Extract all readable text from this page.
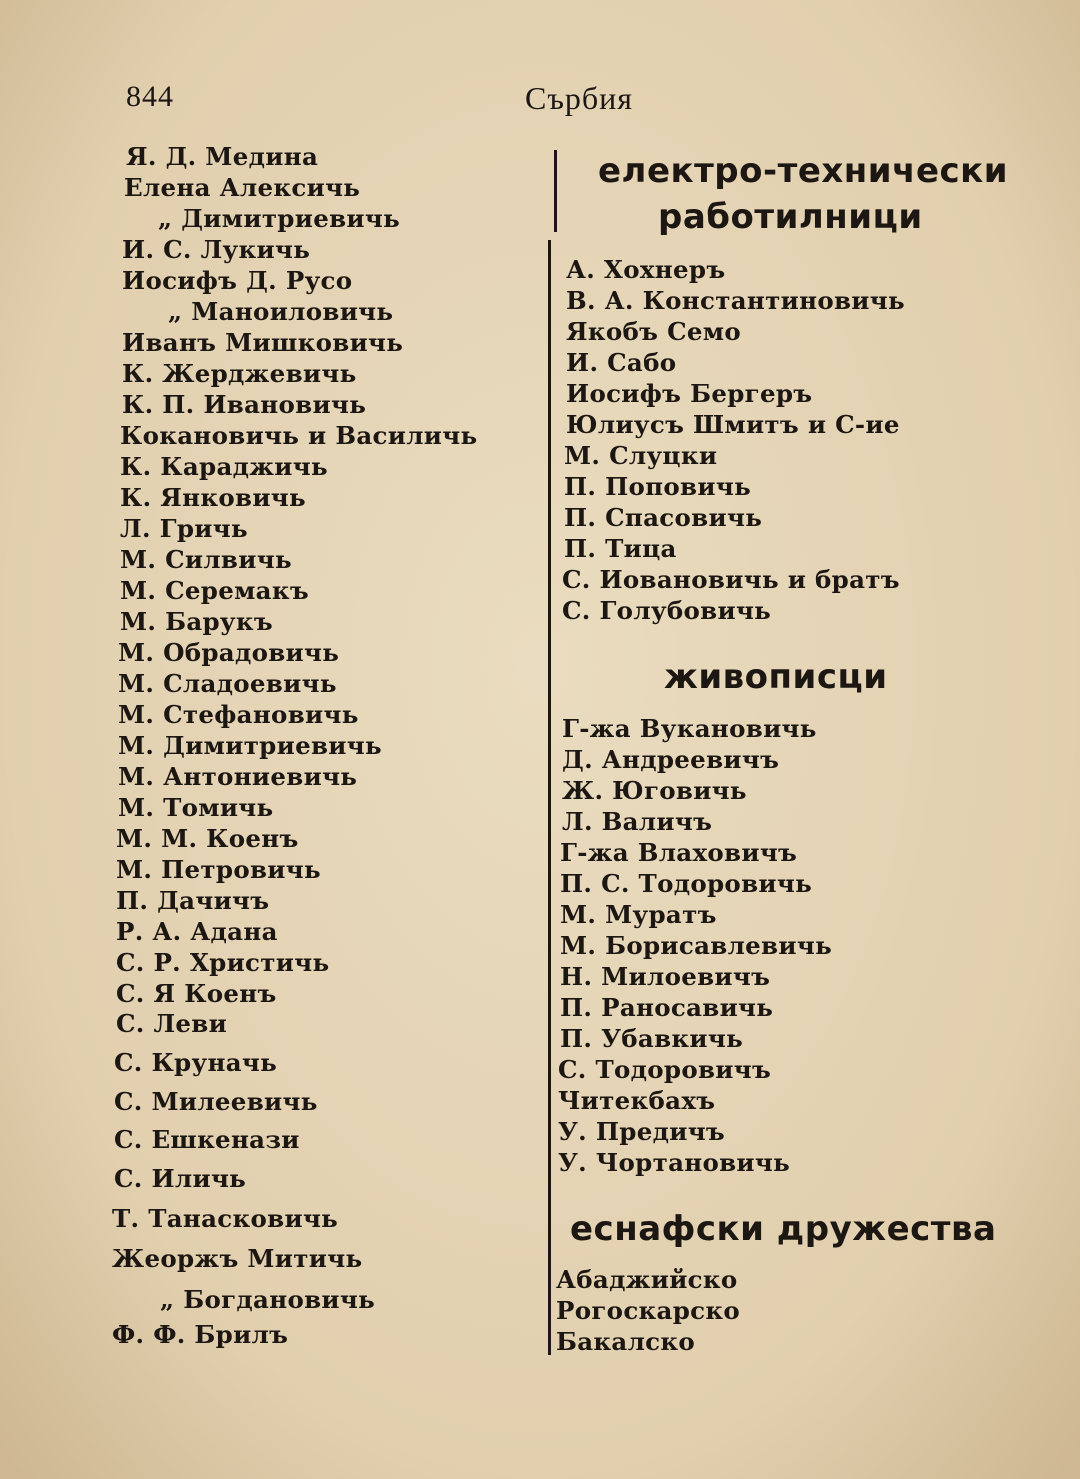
844	Сърбия
Я. Д. Медина
Елена Алексичь
„ Димитриевичь
И. С. Лукичь
Иосифъ Д. Русо
„ Маноиловичь
Иванъ Мишковичь
К. Жерджевичь
К. П. Ивановичь
Кокановичь и Василичь
К. Караджичь
К. Янковичь
Л. Гричь
М. Силвичь
М. Серемакъ
М. Барукъ
М. Обрадовичь
М. Сладоевичь
М. Стефановичь
М. Димитриевичь
М. Антониевичь
М. Томичь
М. М. Коенъ
М. Петровичь
П. Дачичъ
Р. А. Адана
С. Р. Христичь
С. Я Коенъ
С. Леви
С. Круначь
С. Милеевичь
С. Ешкенази
С. Иличь
Т. Танасковичь
Жеоржъ Митичь
„ Богдановичь
Ф. Ф. Брилъ
електро-технически
работилници
А. Хохнеръ
В. А. Константиновичь
Якобъ Семо
И. Сабо
Иосифъ Бергеръ
Юлиусъ Шмитъ и С-ие
М. Слуцки
П. Поповичь
П. Спасовичь
П. Тица
С. Иовановичь и братъ
С. Голубовичь
живописци
Г-жа Вукановичь
Д. Андреевичъ
Ж. Юговичь
Л. Валичъ
Г-жа Влаховичъ
П. С. Тодоровичь
М. Муратъ
М. Борисавлевичь
Н. Милоевичъ
П. Раносавичь
П. Убавкичь
С. Тодоровичъ
Читекбахъ
У. Предичъ
У. Чортановичь
еснафски дружества
Абаджийско
Рогоскарско
Бакалско
